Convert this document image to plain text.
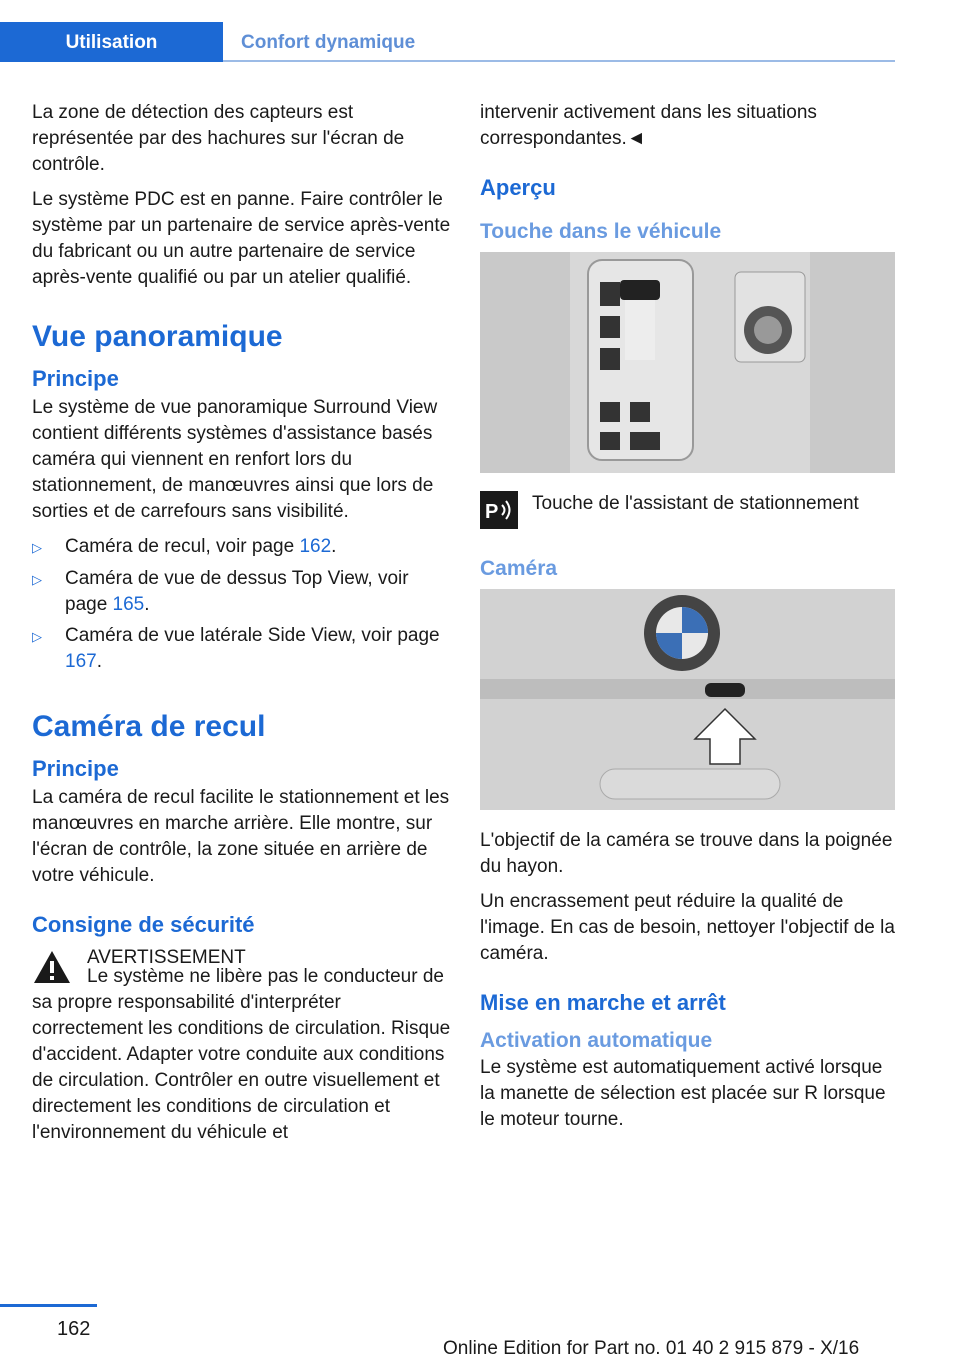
Utilisation	Confort dynamique

La zone de détection des capteurs est représentée par des hachures sur l'écran de contrôle.

Le système PDC est en panne. Faire contrôler le système par un partenaire de service après-vente du fabricant ou un autre partenaire de service après-vente qualifié ou par un atelier qualifié.

Vue panoramique
Principe

Le système de vue panoramique Surround View contient différents systèmes d'assistance basés caméra qui viennent en renfort lors du stationnement, de manœuvres ainsi que lors de sorties et de carrefours sans visibilité.

▷	Caméra de recul, voir page 162.
▷	Caméra de vue de dessus Top View, voir page 165.
▷	Caméra de vue latérale Side View, voir page 167.
Caméra de recul
Principe

La caméra de recul facilite le stationnement et les manœuvres en marche arrière. Elle montre, sur l'écran de contrôle, la zone située en arrière de votre véhicule.

Consigne de sécurité
AVERTISSEMENT
Le système ne libère pas le conducteur de sa propre responsabilité d'interpréter correctement les conditions de circulation. Risque d'accident. Adapter votre conduite aux conditions de circulation. Contrôler en outre visuellement et directement les conditions de circulation et l'environnement du véhicule et

intervenir activement dans les situations correspondantes.◄

Aperçu
Touche dans le véhicule
P Touche de l'assistant de stationnement
Caméra

L'objectif de la caméra se trouve dans la poignée du hayon.

Un encrassement peut réduire la qualité de l'image. En cas de besoin, nettoyer l'objectif de la caméra.

Mise en marche et arrêt
Activation automatique

Le système est automatiquement activé lorsque la manette de sélection est placée sur R lorsque le moteur tourne.

162
Online Edition for Part no. 01 40 2 915 879 - X/16
